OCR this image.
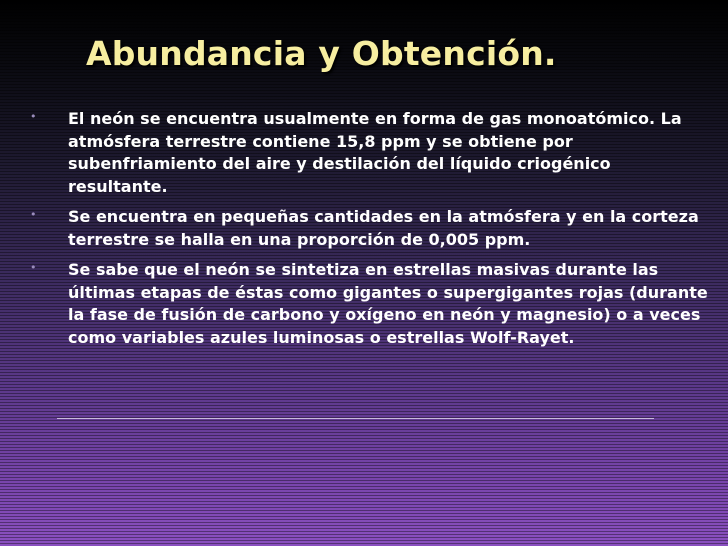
Abundancia y Obtención.
• El neón se encuentra usualmente en forma de gas monoatómico. La atmósfera terrestre contiene 15,8 ppm y se obtiene por subenfriamiento del aire y destilación del líquido criogénico resultante.
• Se encuentra en pequeñas cantidades en la atmósfera y en la corteza terrestre se halla en una proporción de 0,005 ppm.
• Se sabe que el neón se sintetiza en estrellas masivas durante las últimas etapas de éstas como gigantes o supergigantes rojas (durante la fase de fusión de carbono y oxígeno en neón y magnesio) o a veces como variables azules luminosas o estrellas Wolf-Rayet.
